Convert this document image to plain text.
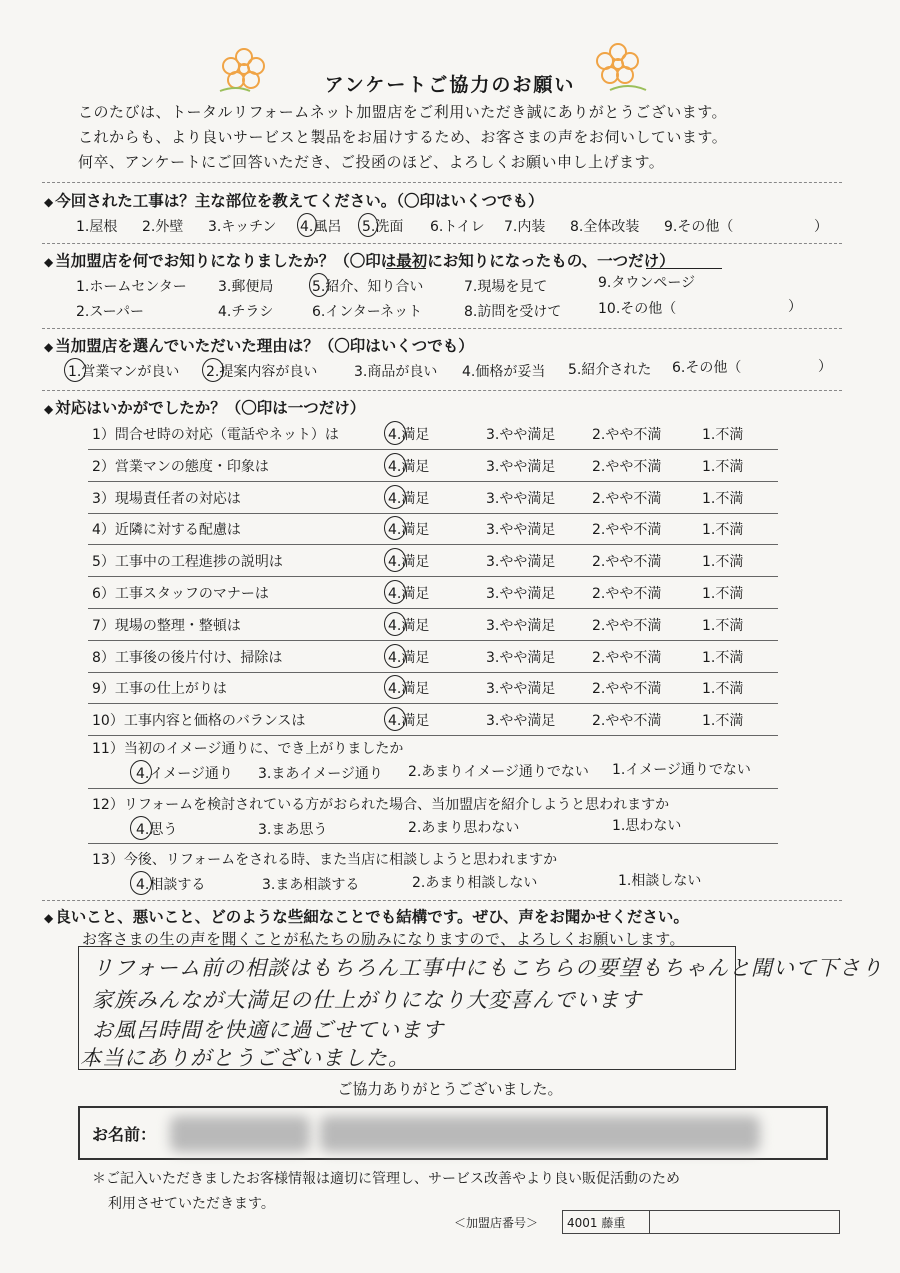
アンケートご協力のお願い
このたびは、トータルリフォームネット加盟店をご利用いただき誠にありがとうございます。
これからも、より良いサービスと製品をお届けするため、お客さまの声をお伺いしています。
何卒、アンケートにご回答いただき、ご投函のほど、よろしくお願い申し上げます。
◆ 今回された工事は？主な部位を教えてください。（〇印はいくつでも）
1.屋根 2.外壁 3.キッチン 4.風呂 5.洗面 6.トイレ 7.内装 8.全体改装 9.その他（	）
◆ 当加盟店を何でお知りになりましたか？（〇印は最初にお知りになったもの、一つだけ）
1.ホームセンター 3.郵便局	5.紹介、知り合い	7.現場を見て	9.タウンページ
2.スーパー	4.チラシ	6.インターネット	8.訪問を受けて	10.その他（	）
◆ 当加盟店を選んでいただいた理由は？（〇印はいくつでも）
1.営業マンが良い 2.提案内容が良い	3.商品が良い 4.価格が妥当 5.紹介された 6.その他（	）
◆ 対応はいかがでしたか？（〇印は一つだけ）
1）問合せ時の対応（電話やネット）は	4.満足	3.やや満足	2.やや不満	1.不満
2）営業マンの態度・印象は	4.満足	3.やや満足	2.やや不満	1.不満
3）現場責任者の対応は	4.満足	3.やや満足	2.やや不満	1.不満
4）近隣に対する配慮は	4.満足	3.やや満足	2.やや不満	1.不満
5）工事中の工程進捗の説明は	4.満足	3.やや満足	2.やや不満	1.不満
6）工事スタッフのマナーは	4.満足	3.やや満足	2.やや不満	1.不満
7）現場の整理・整頓は	4.満足	3.やや満足	2.やや不満	1.不満
8）工事後の後片付け、掃除は	4.満足	3.やや満足	2.やや不満	1.不満
9）工事の仕上がりは	4.満足	3.やや満足	2.やや不満	1.不満
10）工事内容と価格のバランスは	4.満足	3.やや満足	2.やや不満	1.不満
11）当初のイメージ通りに、でき上がりましたか
4.イメージ通り 3.まあイメージ通り 2.あまりイメージ通りでない 1.イメージ通りでない
12）リフォームを検討されている方がおられた場合、当加盟店を紹介しようと思われますか
4.思う	3.まあ思う	2.あまり思わない	1.思わない
13）今後、リフォームをされる時、また当店に相談しようと思われますか
4.相談する	3.まあ相談する	2.あまり相談しない	1.相談しない
◆ 良いこと、悪いこと、どのような些細なことでも結構です。ぜひ、声をお聞かせください。
お客さまの生の声を聞くことが私たちの励みになりますので、よろしくお願いします。
リフォーム前の相談はもちろん工事中にもこちらの要望もちゃんと聞いて下さり
家族みんなが大満足の仕上がりになり大変喜んでいます
お風呂時間を快適に過ごせています
本当にありがとうございました。
ご協力ありがとうございました。
お名前：
＊ご記入いただきましたお客様情報は適切に管理し、サービス改善やより良い販促活動のため
利用させていただきます。
＜加盟店番号＞ 4001 藤重
